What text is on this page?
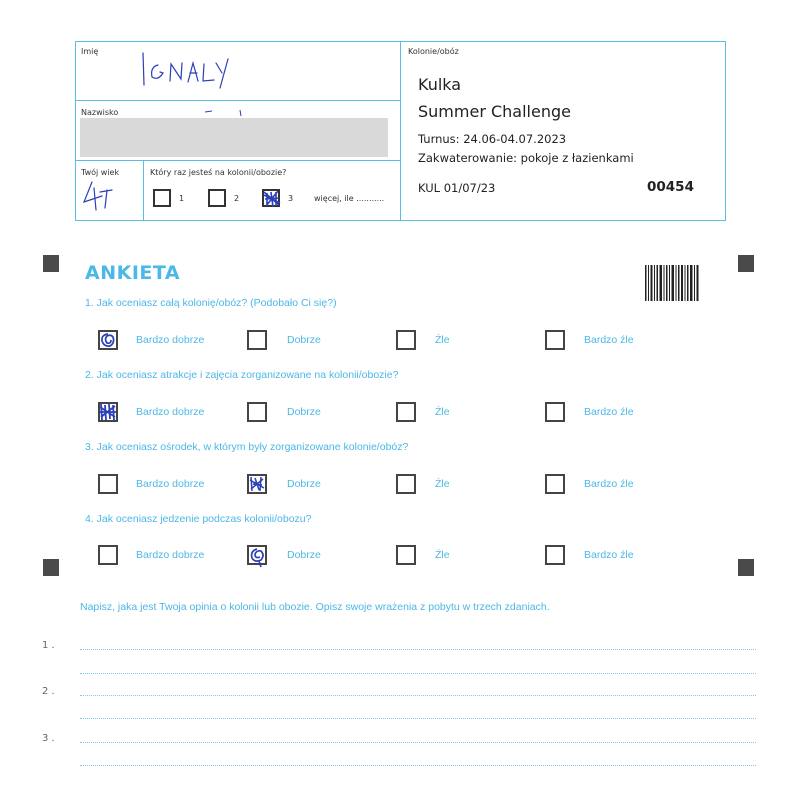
Imię
Nazwisko
Twój wiek	Który raz jesteś na kolonii/obozie?
1	2	3	więcej, ile ...........
Kolonie/obóz
Kulka
Summer Challenge
Turnus: 24.06-04.07.2023
Zakwaterowanie: pokoje z łazienkami
KUL 01/07/23	00454
ANKIETA
1. Jak oceniasz całą kolonię/obóz? (Podobało Ci się?)
Bardzo dobrze	Dobrze	Źle	Bardzo źle
2. Jak oceniasz atrakcje i zajęcia zorganizowane na kolonii/obozie?
Bardzo dobrze	Dobrze	Źle	Bardzo źle
3. Jak oceniasz ośrodek, w którym były zorganizowane kolonie/obóz?
Bardzo dobrze	Dobrze	Źle	Bardzo źle
4. Jak oceniasz jedzenie podczas kolonii/obozu?
Bardzo dobrze	Dobrze	Źle	Bardzo źle
Napisz, jaka jest Twoja opinia o kolonii lub obozie. Opisz swoje wrażenia z pobytu w trzech zdaniach.
1 .
2 .
3 .
